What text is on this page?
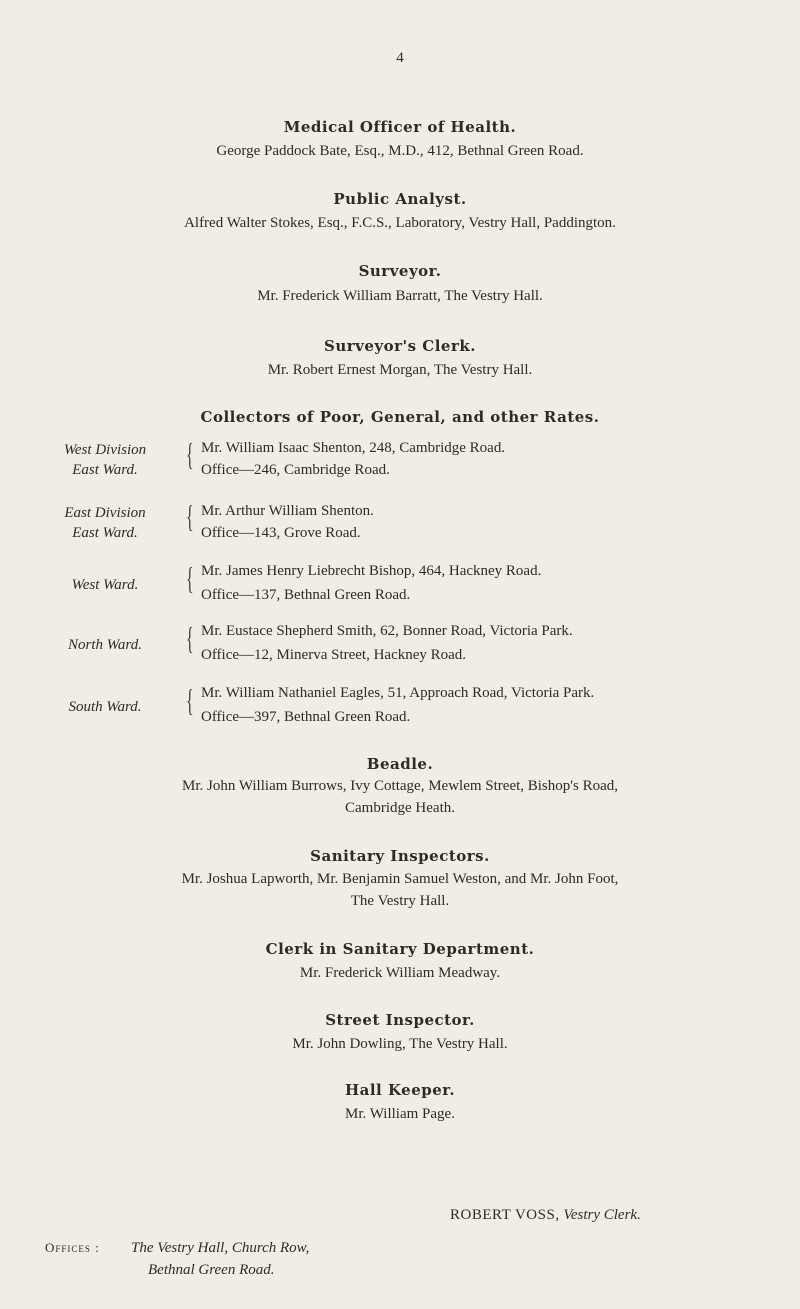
4
Medical Officer of Health.
George Paddock Bate, Esq., M.D., 412, Bethnal Green Road.
Public Analyst.
Alfred Walter Stokes, Esq., F.C.S., Laboratory, Vestry Hall, Paddington.
Surveyor.
Mr. Frederick William Barratt, The Vestry Hall.
Surveyor's Clerk.
Mr. Robert Ernest Morgan, The Vestry Hall.
Collectors of Poor, General, and other Rates.
West Division
East Ward.	{ Mr. William Isaac Shenton, 248, Cambridge Road.
Office—246, Cambridge Road.
East Division
East Ward.	{ Mr. Arthur William Shenton.
Office—143, Grove Road.
West Ward.	{ Mr. James Henry Liebrecht Bishop, 464, Hackney Road.
Office—137, Bethnal Green Road.
North Ward.	{ Mr. Eustace Shepherd Smith, 62, Bonner Road, Victoria Park.
Office—12, Minerva Street, Hackney Road.
South Ward.	{ Mr. William Nathaniel Eagles, 51, Approach Road, Victoria Park.
Office—397, Bethnal Green Road.
Beadle.
Mr. John William Burrows, Ivy Cottage, Mewlem Street, Bishop's Road,
Cambridge Heath.
Sanitary Inspectors.
Mr. Joshua Lapworth, Mr. Benjamin Samuel Weston, and Mr. John Foot,
The Vestry Hall.
Clerk in Sanitary Department.
Mr. Frederick William Meadway.
Street Inspector.
Mr. John Dowling, The Vestry Hall.
Hall Keeper.
Mr. William Page.
ROBERT VOSS, Vestry Clerk.
Offices : The Vestry Hall, Church Row,
Bethnal Green Road.
